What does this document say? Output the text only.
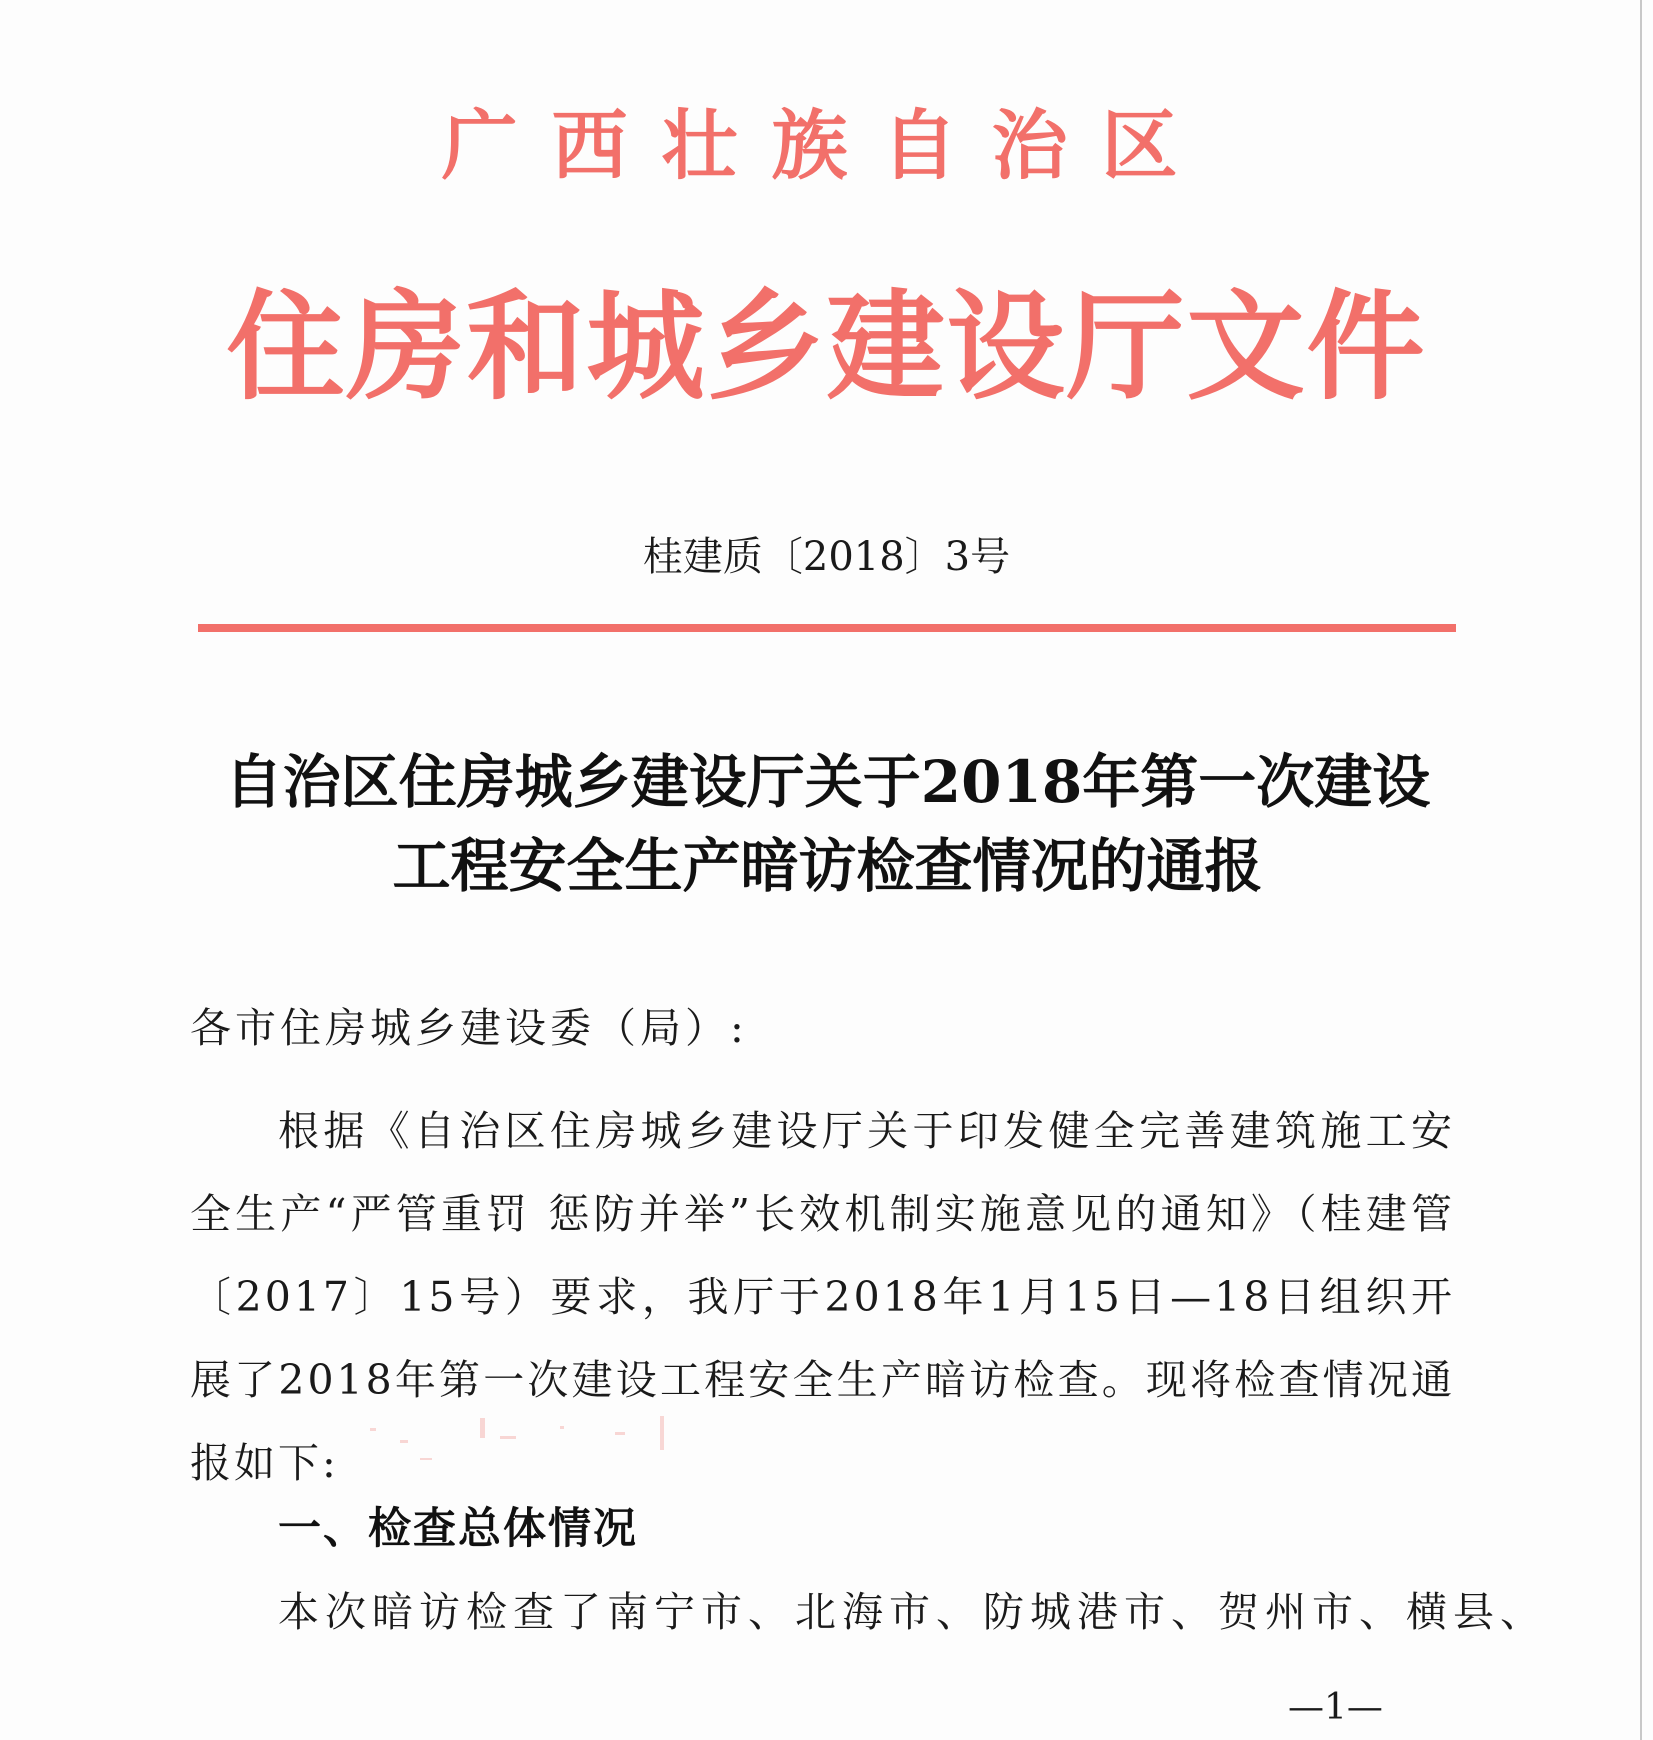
广西壮族自治区
住房和城乡建设厅文件
桂建质〔2018〕3号
自治区住房城乡建设厅关于2018年第一次建设
工程安全生产暗访检查情况的通报
各市住房城乡建设委（局）:
根据《自治区住房城乡建设厅关于印发健全完善建筑施工安全生产“严管重罚 惩防并举”长效机制实施意见的通知》（桂建管〔2017〕15号）要求，我厅于2018年1月15日—18日组织开展了2018年第一次建设工程安全生产暗访检查。现将检查情况通报如下:
一、检查总体情况
本次暗访检查了南宁市、北海市、防城港市、贺州市、横县、
—1—
